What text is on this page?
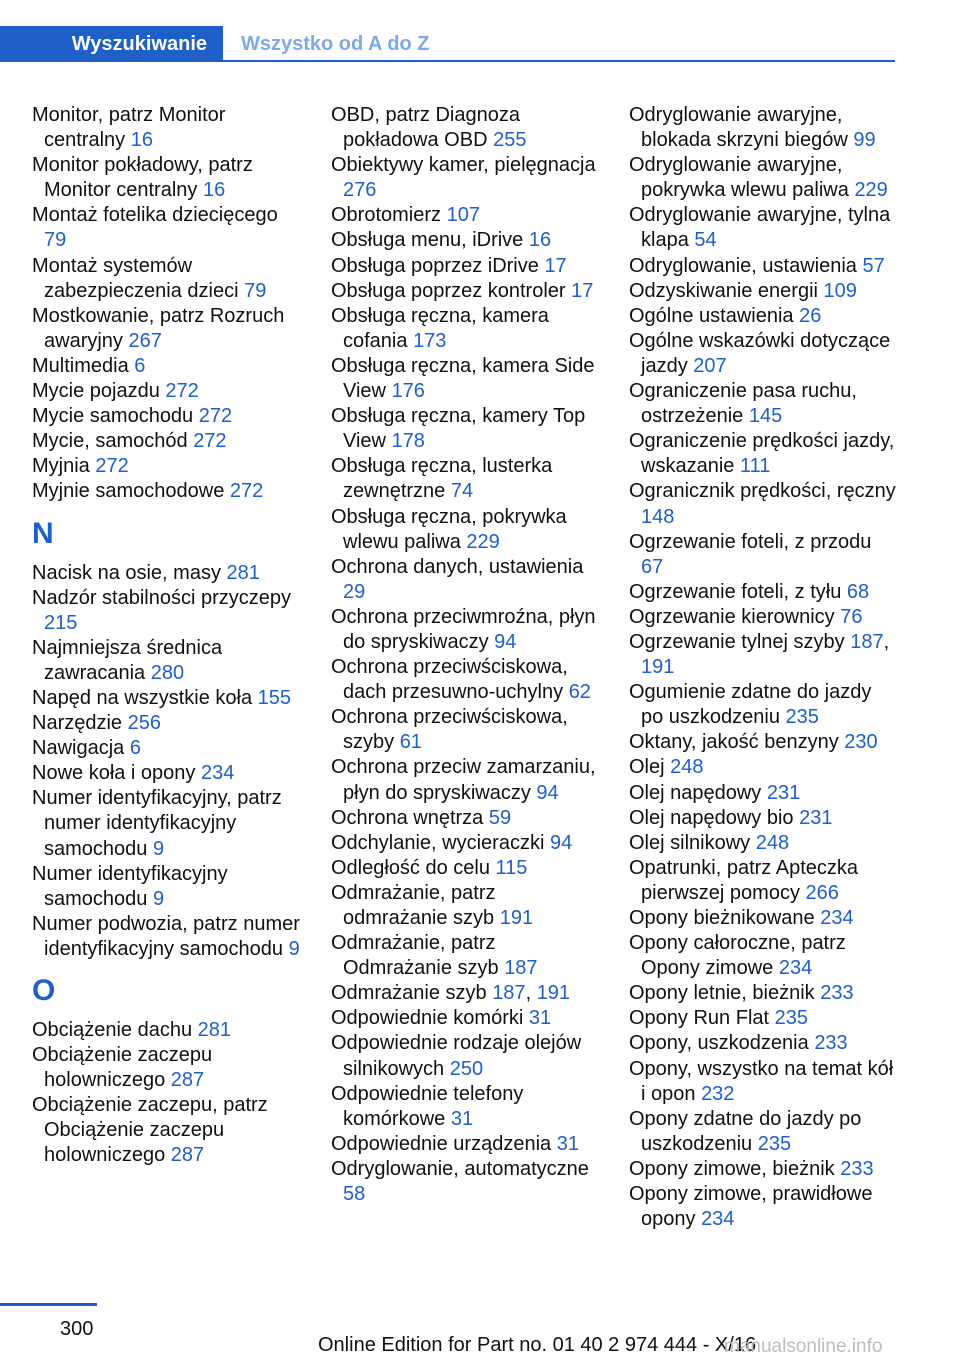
Wyszukiwanie	Wszystko od A do Z
Monitor, patrz Monitor centralny 16
Monitor pokładowy, patrz Monitor centralny 16
Montaż fotelika dziecięcego 79
Montaż systemów zabezpieczenia dzieci 79
Mostkowanie, patrz Rozruch awaryjny 267
Multimedia 6
Mycie pojazdu 272
Mycie samochodu 272
Mycie, samochód 272
Myjnia 272
Myjnie samochodowe 272
N
Nacisk na osie, masy 281
Nadzór stabilności przyczepy 215
Najmniejsza średnica zawracania 280
Napęd na wszystkie koła 155
Narzędzie 256
Nawigacja 6
Nowe koła i opony 234
Numer identyfikacyjny, patrz numer identyfikacyjny samochodu 9
Numer identyfikacyjny samochodu 9
Numer podwozia, patrz numer identyfikacyjny samochodu 9
O
Obciążenie dachu 281
Obciążenie zaczepu holowniczego 287
Obciążenie zaczepu, patrz Obciążenie zaczepu holowniczego 287
OBD, patrz Diagnoza pokładowa OBD 255
Obiektywy kamer, pielęgnacja 276
Obrotomierz 107
Obsługa menu, iDrive 16
Obsługa poprzez iDrive 17
Obsługa poprzez kontroler 17
Obsługa ręczna, kamera cofania 173
Obsługa ręczna, kamera Side View 176
Obsługa ręczna, kamery Top View 178
Obsługa ręczna, lusterka zewnętrzne 74
Obsługa ręczna, pokrywka wlewu paliwa 229
Ochrona danych, ustawienia 29
Ochrona przeciwmroźna, płyn do spryskiwaczy 94
Ochrona przeciwściskowa, dach przesuwno-uchylny 62
Ochrona przeciwściskowa, szyby 61
Ochrona przeciw zamarzaniu, płyn do spryskiwaczy 94
Ochrona wnętrza 59
Odchylanie, wycieraczki 94
Odległość do celu 115
Odmrażanie, patrz odmrażanie szyb 191
Odmrażanie, patrz Odmrażanie szyb 187
Odmrażanie szyb 187, 191
Odpowiednie komórki 31
Odpowiednie rodzaje olejów silnikowych 250
Odpowiednie telefony komórkowe 31
Odpowiednie urządzenia 31
Odryglowanie, automatyczne 58
Odryglowanie awaryjne, blokada skrzyni biegów 99
Odryglowanie awaryjne, pokrywka wlewu paliwa 229
Odryglowanie awaryjne, tylna klapa 54
Odryglowanie, ustawienia 57
Odzyskiwanie energii 109
Ogólne ustawienia 26
Ogólne wskazówki dotyczące jazdy 207
Ograniczenie pasa ruchu, ostrzeżenie 145
Ograniczenie prędkości jazdy, wskazanie 111
Ogranicznik prędkości, ręczny 148
Ogrzewanie foteli, z przodu 67
Ogrzewanie foteli, z tyłu 68
Ogrzewanie kierownicy 76
Ogrzewanie tylnej szyby 187, 191
Ogumienie zdatne do jazdy po uszkodzeniu 235
Oktany, jakość benzyny 230
Olej 248
Olej napędowy 231
Olej napędowy bio 231
Olej silnikowy 248
Opatrunki, patrz Apteczka pierwszej pomocy 266
Opony bieżnikowane 234
Opony całoroczne, patrz Opony zimowe 234
Opony letnie, bieżnik 233
Opony Run Flat 235
Opony, uszkodzenia 233
Opony, wszystko na temat kół i opon 232
Opony zdatne do jazdy po uszkodzeniu 235
Opony zimowe, bieżnik 233
Opony zimowe, prawidłowe opony 234
300
Online Edition for Part no. 01 40 2 974 444 - X/16
manualsonline.info
